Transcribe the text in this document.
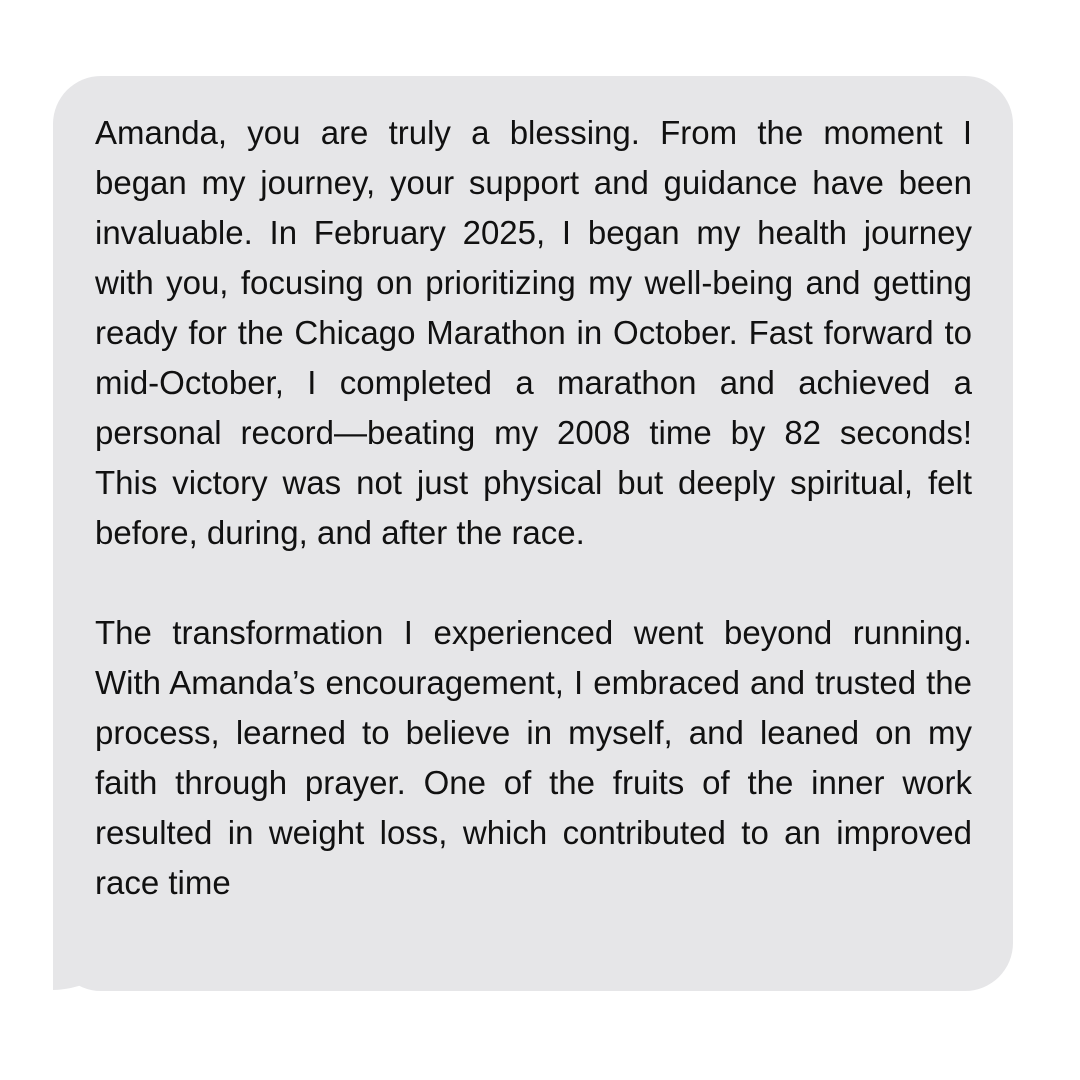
Amanda, you are truly a blessing. From the moment I began my journey, your support and guidance have been invaluable. In February 2025, I began my health journey with you, focusing on prioritizing my well-being and getting ready for the Chicago Marathon in October. Fast forward to mid-October, I completed a marathon and achieved a personal record—beating my 2008 time by 82 seconds! This victory was not just physical but deeply spiritual, felt before, during, and after the race.

The transformation I experienced went beyond running. With Amanda’s encouragement, I embraced and trusted the process, learned to believe in myself, and leaned on my faith through prayer. One of the fruits of the inner work resulted in weight loss, which contributed to an improved race time
